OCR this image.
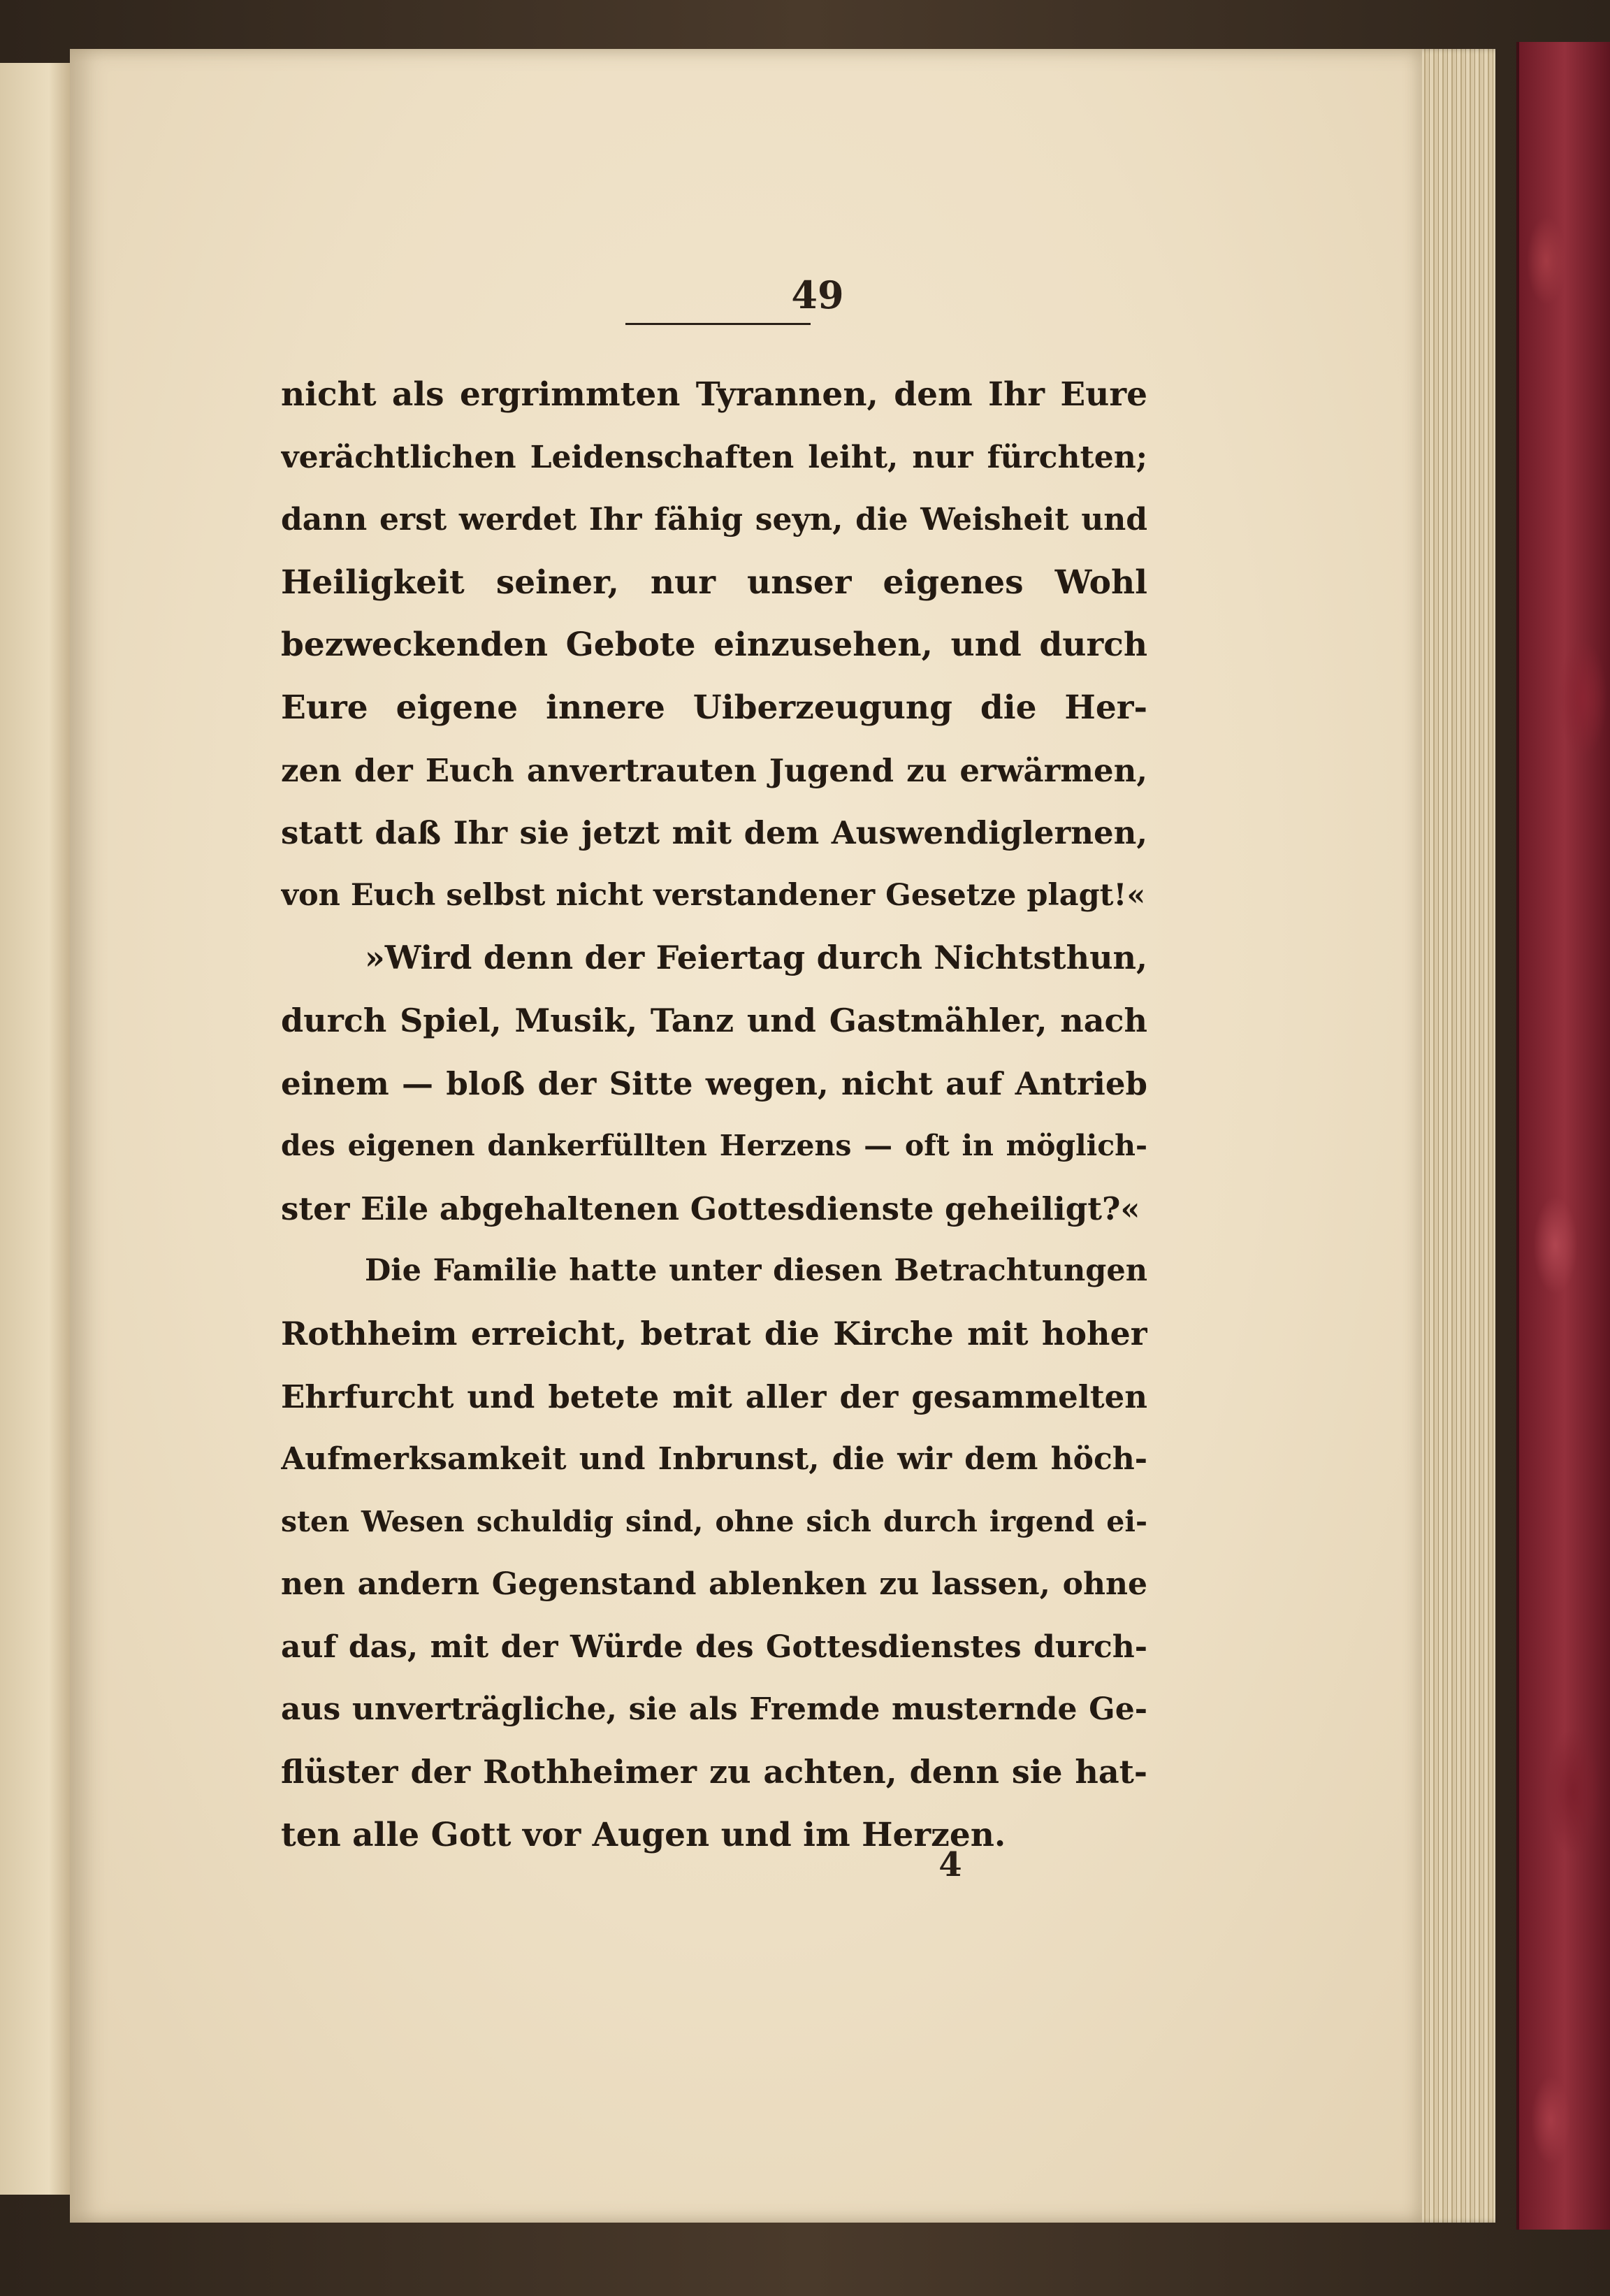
49
nicht als ergrimmten Tyrannen, dem Ihr Eure
verächtlichen Leidenschaften leiht, nur fürchten;
dann erst werdet Ihr fähig seyn, die Weisheit und
Heiligkeit seiner, nur unser eigenes Wohl
bezweckenden Gebote einzusehen, und durch
Eure eigene innere Uiberzeugung die Her-
zen der Euch anvertrauten Jugend zu erwärmen,
statt daß Ihr sie jetzt mit dem Auswendiglernen,
von Euch selbst nicht verstandener Gesetze plagt!«
»Wird denn der Feiertag durch Nichtsthun,
durch Spiel, Musik, Tanz und Gastmähler, nach
einem — bloß der Sitte wegen, nicht auf Antrieb
des eigenen dankerfüllten Herzens — oft in möglich-
ster Eile abgehaltenen Gottesdienste geheiligt?«
Die Familie hatte unter diesen Betrachtungen
Rothheim erreicht, betrat die Kirche mit hoher
Ehrfurcht und betete mit aller der gesammelten
Aufmerksamkeit und Inbrunst, die wir dem höch-
sten Wesen schuldig sind, ohne sich durch irgend ei-
nen andern Gegenstand ablenken zu lassen, ohne
auf das, mit der Würde des Gottesdienstes durch-
aus unverträgliche, sie als Fremde musternde Ge-
flüster der Rothheimer zu achten, denn sie hat-
ten alle Gott vor Augen und im Herzen.
4
